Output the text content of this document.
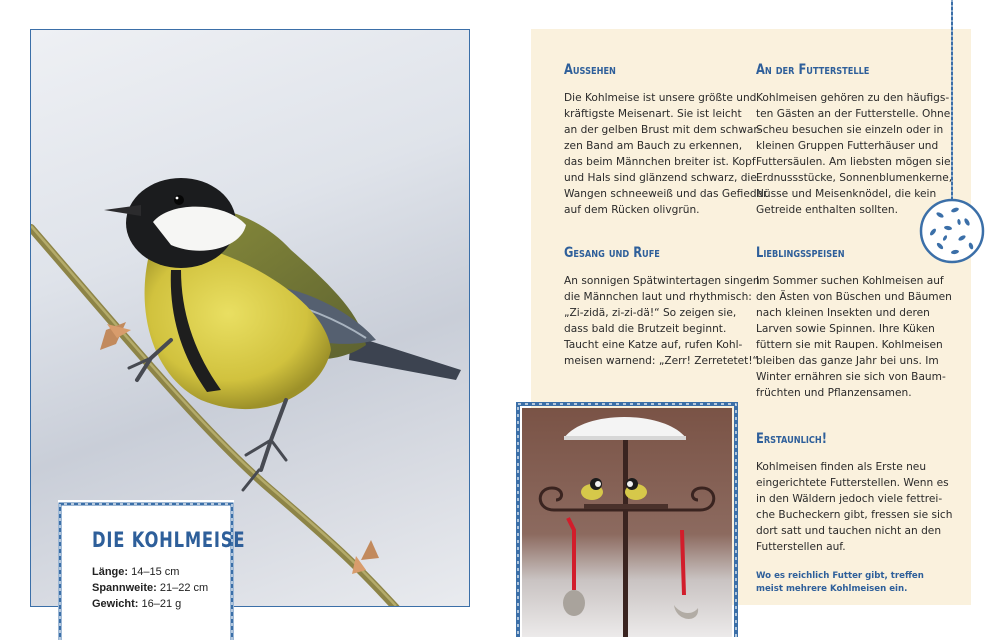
DIE KOHLMEISE
Länge: 14–15 cm
Spannweite: 21–22 cm
Gewicht: 16–21 g
Aussehen

Die Kohlmeise ist unsere größte und
kräftigste Meisenart. Sie ist leicht
an der gelben Brust mit dem schwar-
zen Band am Bauch zu erkennen,
das beim Männchen breiter ist. Kopf
und Hals sind glänzend schwarz, die
Wangen schneeweiß und das Gefieder
auf dem Rücken olivgrün.

An der Futterstelle

Kohlmeisen gehören zu den häufigs-
ten Gästen an der Futterstelle. Ohne
Scheu besuchen sie einzeln oder in
kleinen Gruppen Futterhäuser und
Futtersäulen. Am liebsten mögen sie
Erdnussstücke, Sonnenblumenkerne,
Nüsse und Meisenknödel, die kein
Getreide enthalten sollten.

Gesang und Rufe

An sonnigen Spätwintertagen singen
die Männchen laut und rhythmisch:
„Zi-zidä, zi-zi-dä!“ So zeigen sie,
dass bald die Brutzeit beginnt.
Taucht eine Katze auf, rufen Kohl-
meisen warnend: „Zerr! Zerretetet!“

Lieblingsspeisen

Im Sommer suchen Kohlmeisen auf
den Ästen von Büschen und Bäumen
nach kleinen Insekten und deren
Larven sowie Spinnen. Ihre Küken
füttern sie mit Raupen. Kohlmeisen
bleiben das ganze Jahr bei uns. Im
Winter ernähren sie sich von Baum-
früchten und Pflanzensamen.

Erstaunlich!

Kohlmeisen finden als Erste neu
eingerichtete Futterstellen. Wenn es
in den Wäldern jedoch viele fettrei-
che Bucheckern gibt, fressen sie sich
dort satt und tauchen nicht an den
Futterstellen auf.

Wo es reichlich Futter gibt, treffen
meist mehrere Kohlmeisen ein.
